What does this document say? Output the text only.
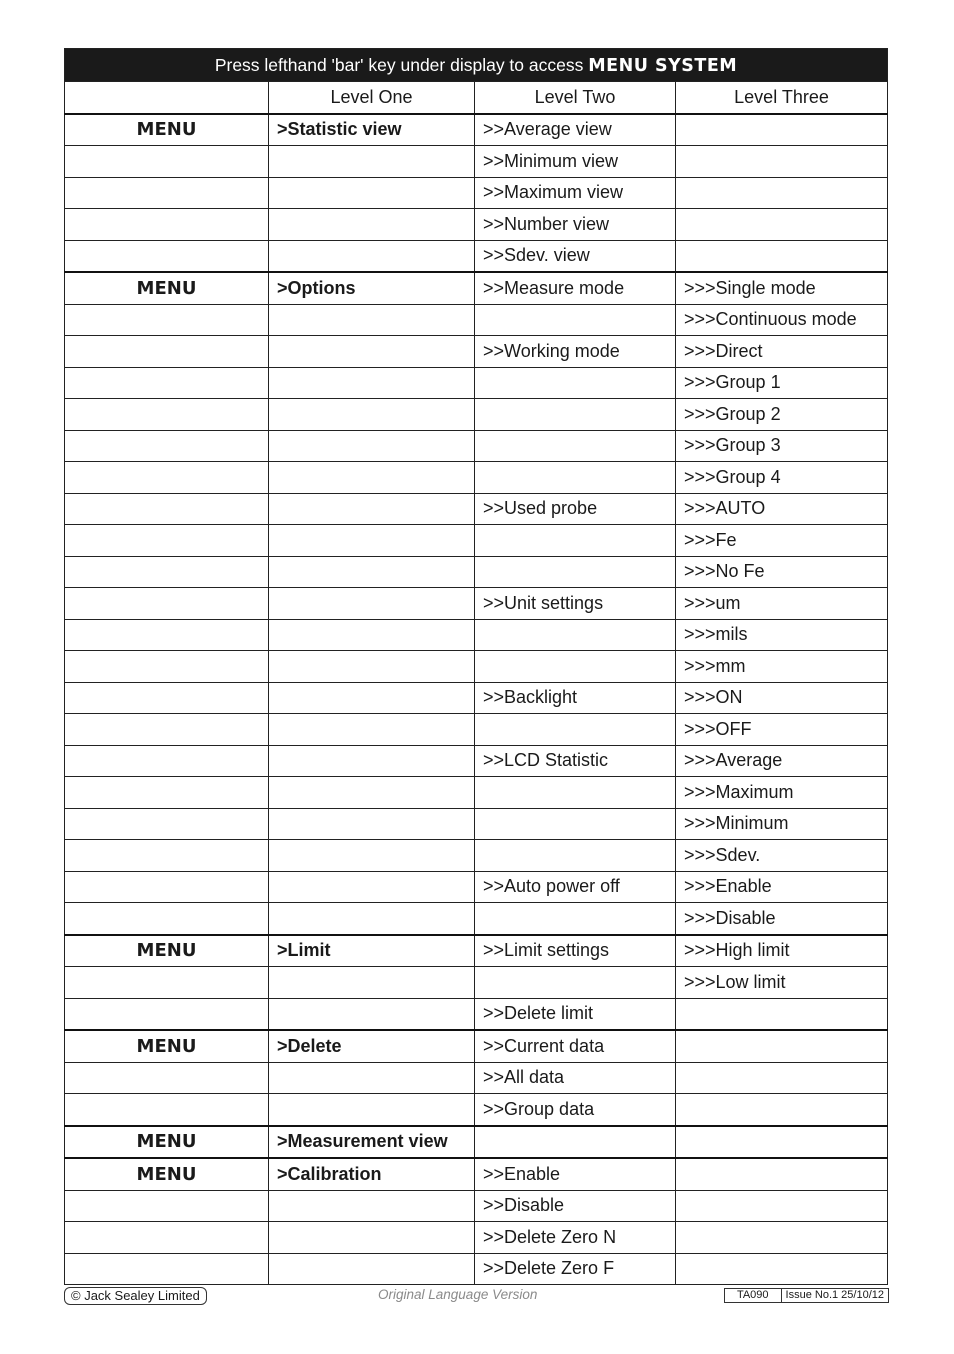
Press lefthand 'bar' key under display to access MENU SYSTEM			
	Level One	Level Two	Level Three
MENU	>Statistic view	>>Average view	
		>>Minimum view	
		>>Maximum view	
		>>Number view	
		>>Sdev. view	
MENU	>Options	>>Measure mode	>>>Single mode
			>>>Continuous mode
		>>Working mode	>>>Direct
			>>>Group 1
			>>>Group 2
			>>>Group 3
			>>>Group 4
		>>Used probe	>>>AUTO
			>>>Fe
			>>>No Fe
		>>Unit settings	>>>um
			>>>mils
			>>>mm
		>>Backlight	>>>ON
			>>>OFF
		>>LCD Statistic	>>>Average
			>>>Maximum
			>>>Minimum
			>>>Sdev.
		>>Auto power off	>>>Enable
			>>>Disable
MENU	>Limit	>>Limit settings	>>>High limit
			>>>Low limit
		>>Delete limit	
MENU	>Delete	>>Current data	
		>>All data	
		>>Group data	
MENU	>Measurement view		
MENU	>Calibration	>>Enable	
		>>Disable	
		>>Delete Zero N	
		>>Delete Zero F	
© Jack Sealey Limited	Original Language Version	TA090	Issue No.1 25/10/12
